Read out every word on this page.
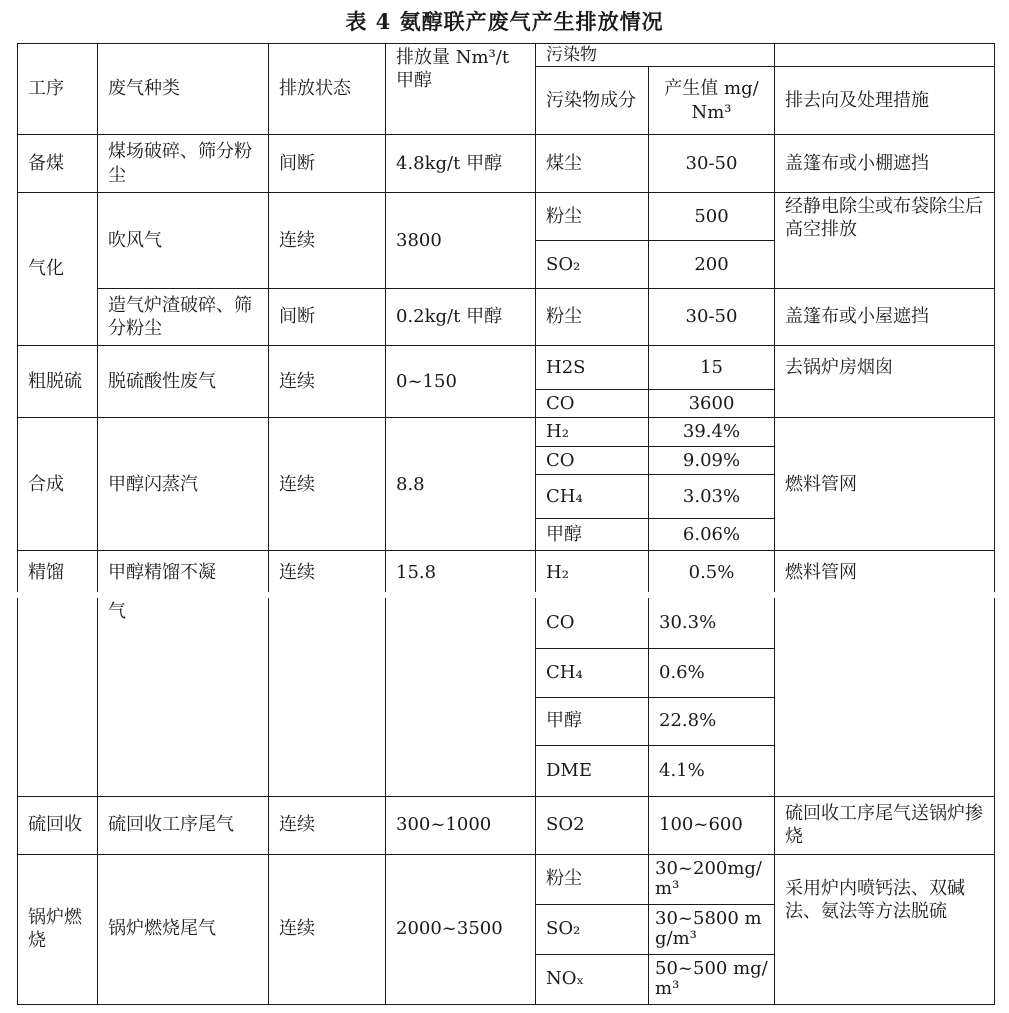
表 4 氨醇联产废气产生排放情况
工序	废气种类	排放状态	排放量 Nm³/t 甲醇	污染物		
				污染物成分	产生值 mg/Nm³	排去向及处理措施
备煤	煤场破碎、筛分粉尘	间断	4.8kg/t 甲醇	煤尘	30-50	盖篷布或小棚遮挡
气化	吹风气	连续	3800	粉尘	500	经静电除尘或布袋除尘后高空排放
				SO₂	200	
	造气炉渣破碎、筛分粉尘	间断	0.2kg/t 甲醇	粉尘	30-50	盖篷布或小屋遮挡
粗脱硫	脱硫酸性废气	连续	0~150	H2S	15	去锅炉房烟囱
				CO	3600	
合成	甲醇闪蒸汽	连续	8.8	H₂	39.4%	燃料管网
				CO	9.09%	
				CH₄	3.03%	
				甲醇	6.06%	
精馏	甲醇精馏不凝	连续	15.8	H₂	0.5%	燃料管网
	气			CO	30.3%	
				CH₄	0.6%	
				甲醇	22.8%	
				DME	4.1%	
硫回收	硫回收工序尾气	连续	300~1000	SO2	100~600	硫回收工序尾气送锅炉掺烧
锅炉燃烧	锅炉燃烧尾气	连续	2000~3500	粉尘	30~200mg/m³	采用炉内喷钙法、双碱法、氨法等方法脱硫
				SO₂	30~5800 mg/m³	
				NOₓ	50~500 mg/m³	
